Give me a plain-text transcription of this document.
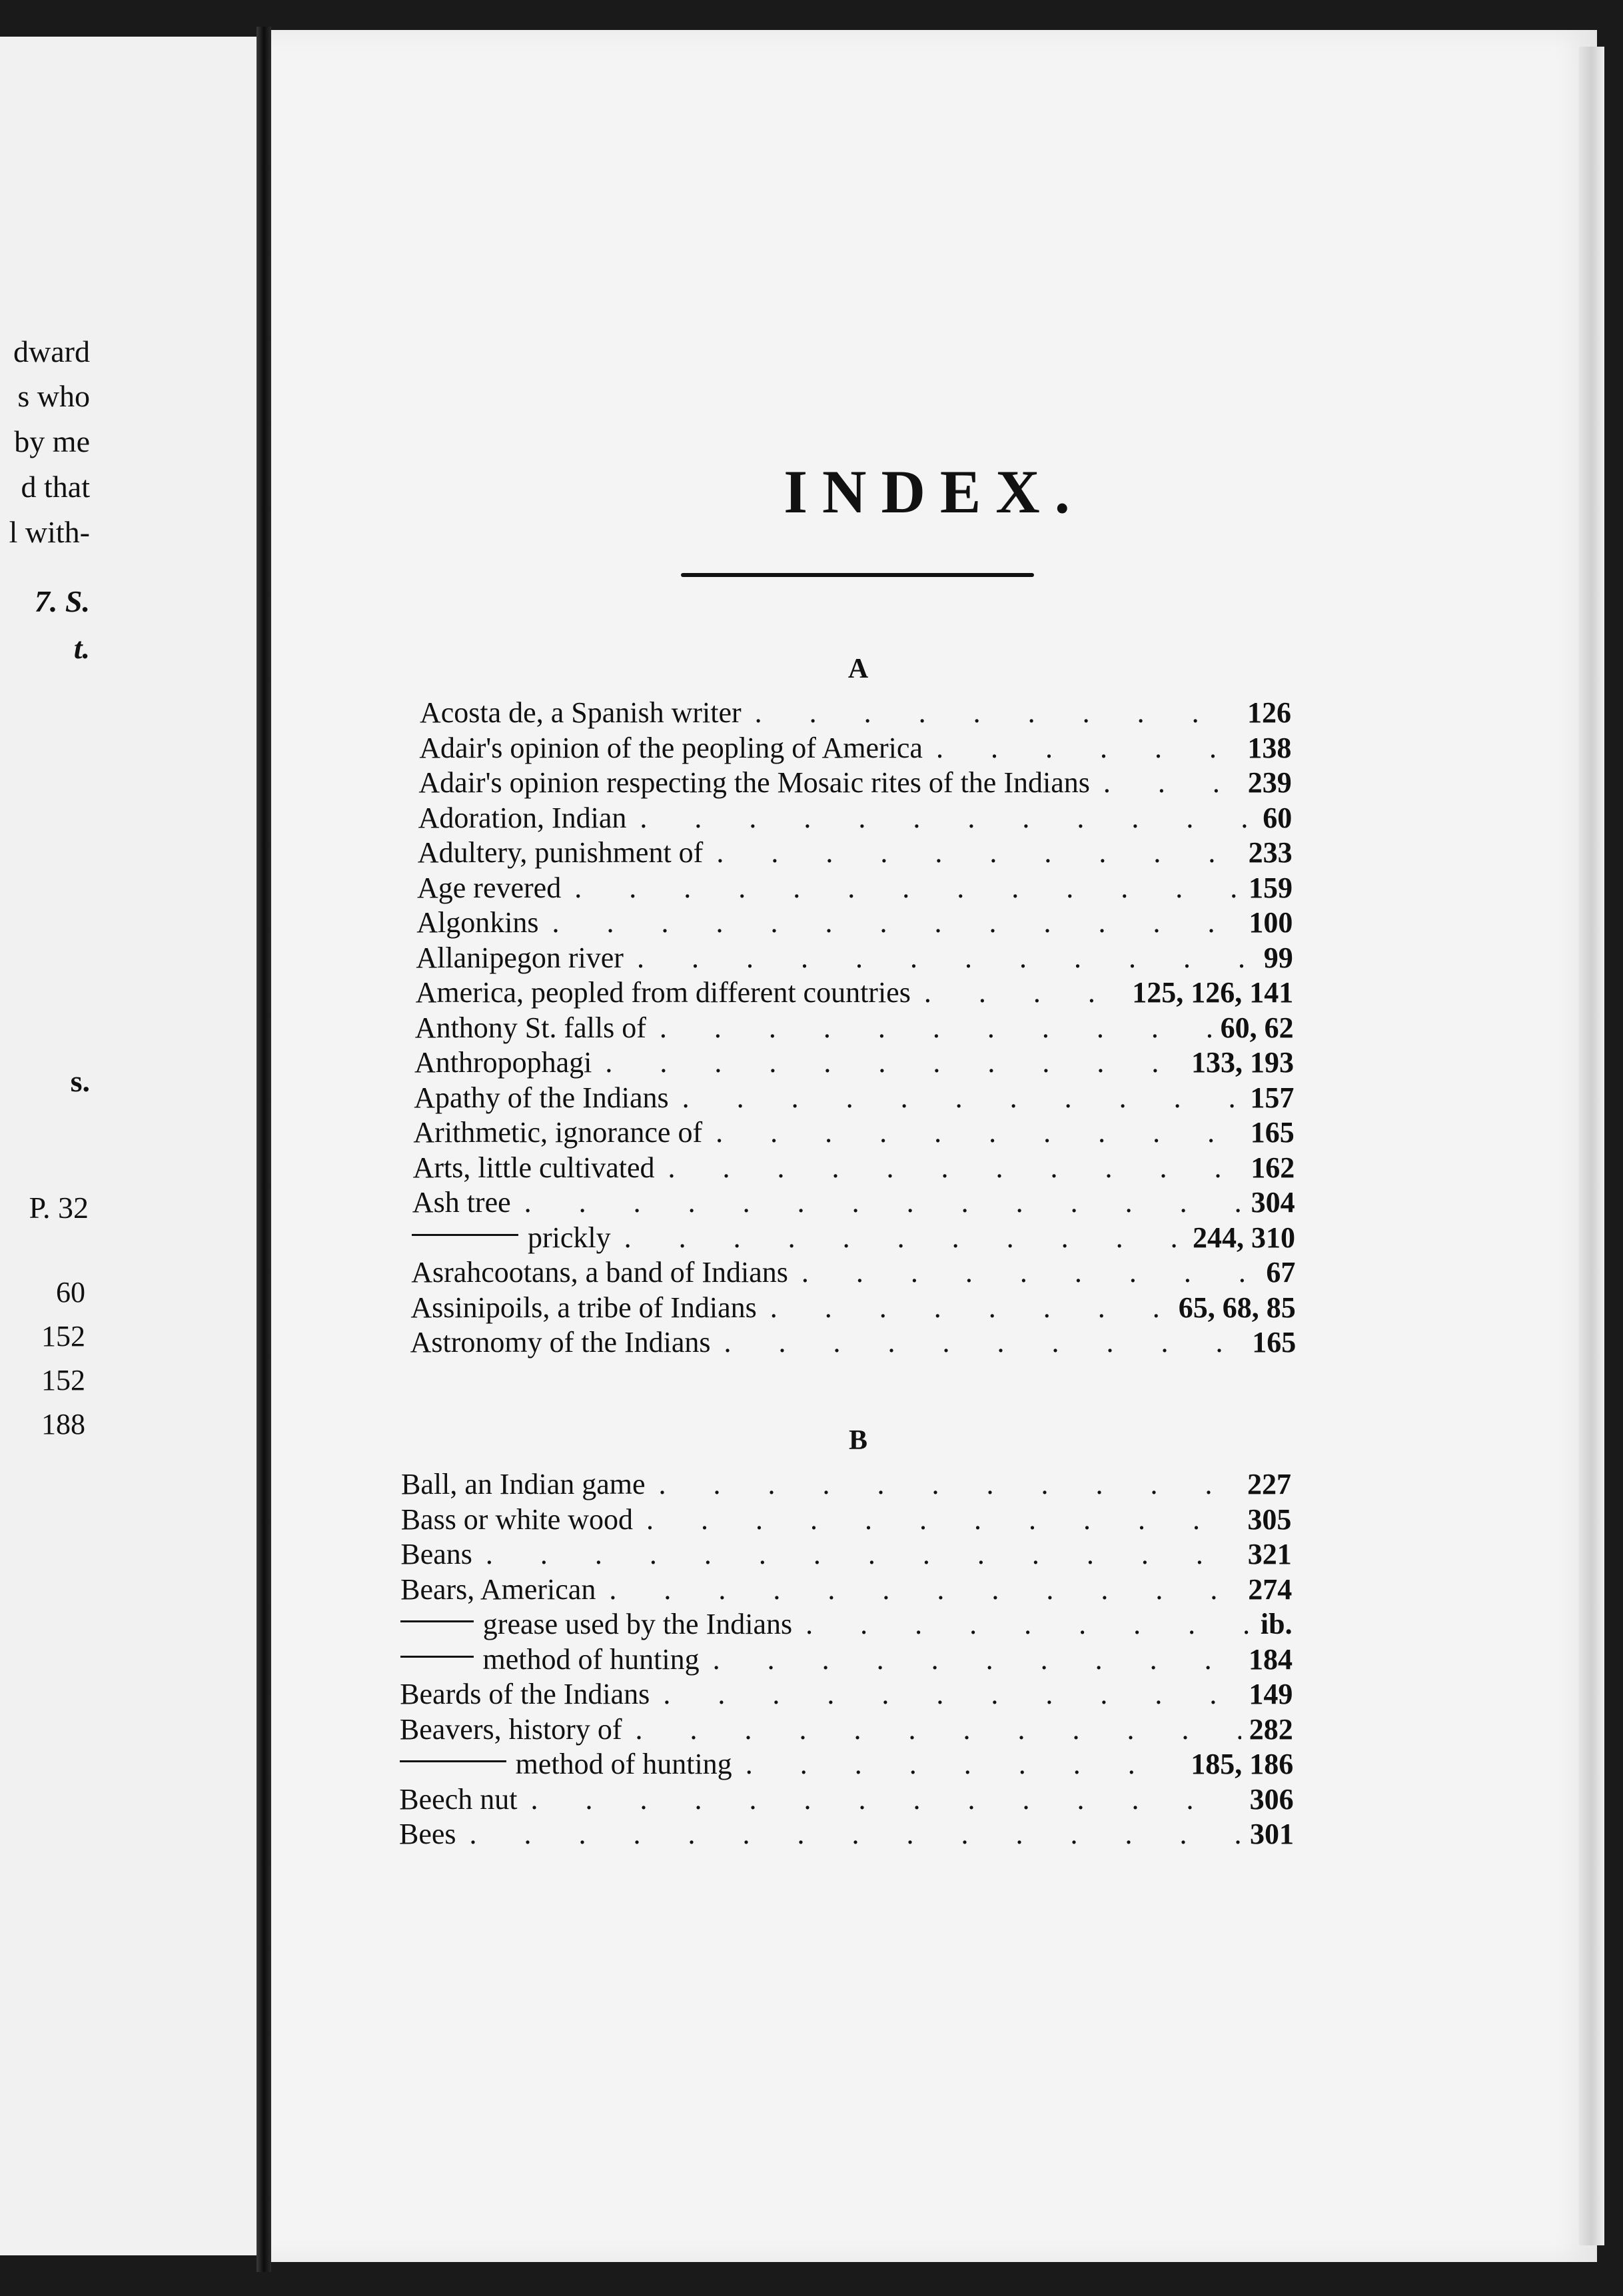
dward
s who
by me
d that
l with-
7. S.
t.
s.
P. 32
60
152
152
188
INDEX.
A
Acosta de, a Spanish writer . . .	126
Adair's opinion of the peopling of America . . .	138
Adair's opinion respecting the Mosaic rites of the Indians . . .	239
Adoration, Indian . . .	60
Adultery, punishment of . . .	233
Age revered . . .	159
Algonkins . . .	100
Allanipegon river . . .	99
America, peopled from different countries . . .	125, 126, 141
Anthony St. falls of . . .	60, 62
Anthropophagi . . .	133, 193
Apathy of the Indians . . .	157
Arithmetic, ignorance of . . .	165
Arts, little cultivated . . .	162
Ash tree . . .	304
prickly . . .	244, 310
Asrahcootans, a band of Indians . . .	67
Assinipoils, a tribe of Indians . . .	65, 68, 85
Astronomy of the Indians . . .	165
B
Ball, an Indian game . . .	227
Bass or white wood . . .	305
Beans . . .	321
Bears, American . . .	274
grease used by the Indians . . .	ib.
method of hunting . . .	184
Beards of the Indians . . .	149
Beavers, history of . . .	282
method of hunting . . .	185, 186
Beech nut . . .	306
Bees . . .	301
